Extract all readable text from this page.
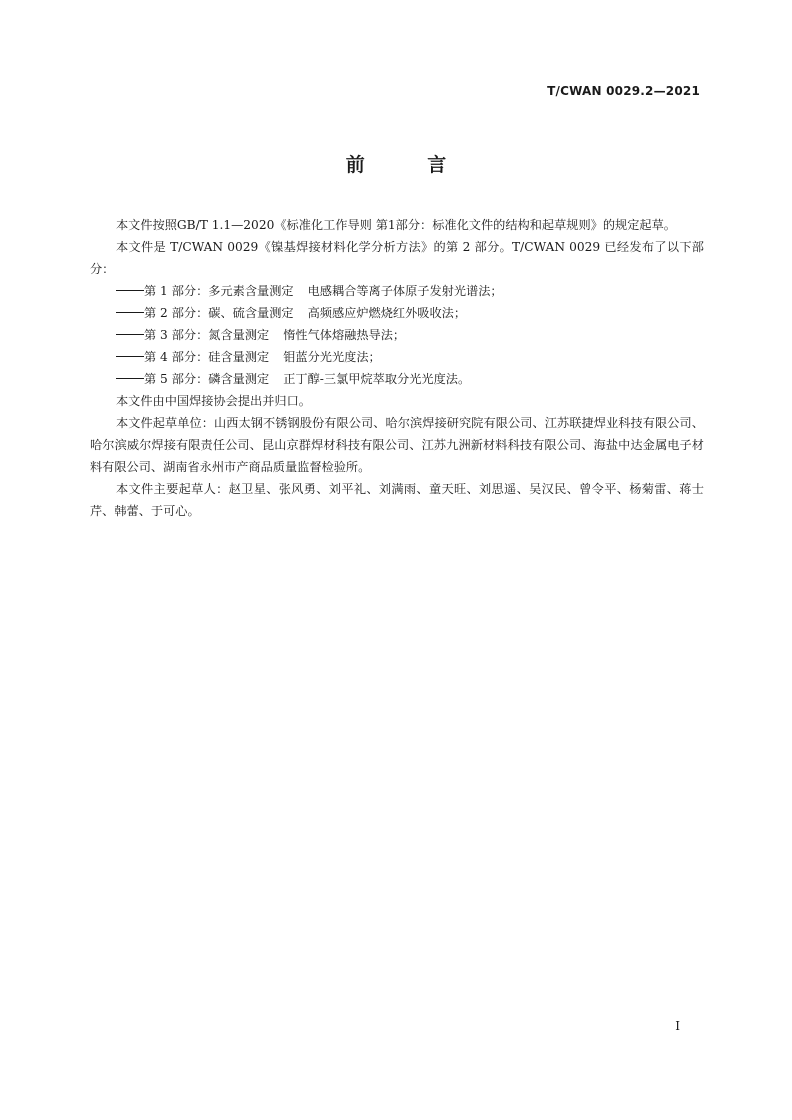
T/CWAN 0029.2—2021
前 言

本文件按照GB/T 1.1—2020《标准化工作导则 第1部分：标准化文件的结构和起草规则》的规定起草。

本文件是 T/CWAN 0029《镍基焊接材料化学分析方法》的第 2 部分。T/CWAN 0029 已经发布了以下部分：

第 1 部分：多元素含量测定 电感耦合等离子体原子发射光谱法；

第 2 部分：碳、硫含量测定 高频感应炉燃烧红外吸收法；

第 3 部分：氮含量测定 惰性气体熔融热导法；

第 4 部分：硅含量测定 钼蓝分光光度法；

第 5 部分：磷含量测定 正丁醇-三氯甲烷萃取分光光度法。

本文件由中国焊接协会提出并归口。

本文件起草单位：山西太钢不锈钢股份有限公司、哈尔滨焊接研究院有限公司、江苏联捷焊业科技有限公司、哈尔滨威尔焊接有限责任公司、昆山京群焊材科技有限公司、江苏九洲新材料科技有限公司、海盐中达金属电子材料有限公司、湖南省永州市产商品质量监督检验所。

本文件主要起草人：赵卫星、张风勇、刘平礼、刘满雨、童天旺、刘思遥、吴汉民、曾令平、杨菊雷、蒋士芹、韩蕾、于可心。

I
